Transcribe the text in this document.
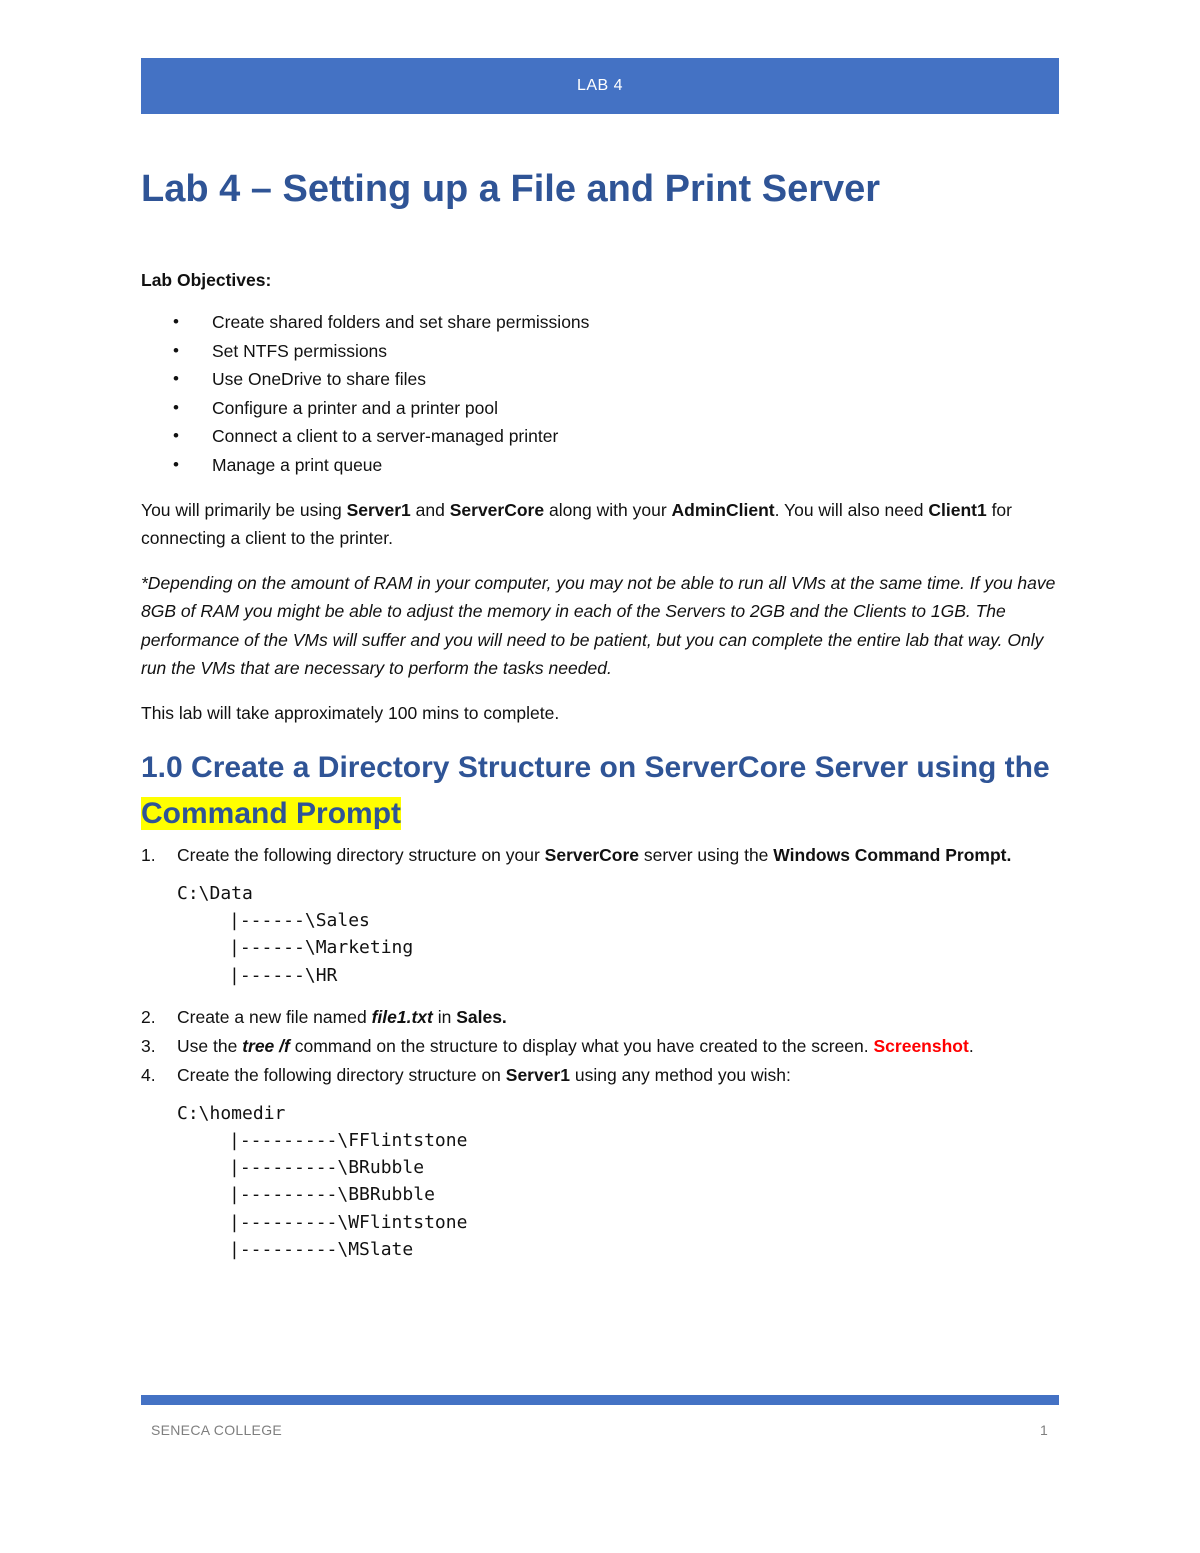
LAB 4
Lab 4 – Setting up a File and Print Server

Lab Objectives:

• Create shared folders and set share permissions
• Set NTFS permissions
• Use OneDrive to share files
• Configure a printer and a printer pool
• Connect a client to a server-managed printer
• Manage a print queue

You will primarily be using Server1 and ServerCore along with your AdminClient. You will also need Client1 for connecting a client to the printer.

*Depending on the amount of RAM in your computer, you may not be able to run all VMs at the same time. If you have 8GB of RAM you might be able to adjust the memory in each of the Servers to 2GB and the Clients to 1GB. The performance of the VMs will suffer and you will need to be patient, but you can complete the entire lab that way. Only run the VMs that are necessary to perform the tasks needed.

This lab will take approximately 100 mins to complete.

1.0 Create a Directory Structure on ServerCore Server using the Command Prompt
1. Create the following directory structure on your ServerCore server using the Windows Command Prompt.
C:\Data
|------\Sales
|------\Marketing
|------\HR
2. Create a new file named file1.txt in Sales.
3. Use the tree /f command on the structure to display what you have created to the screen. Screenshot.
4. Create the following directory structure on Server1 using any method you wish:
C:\homedir
|---------\FFlintstone
|---------\BRubble
|---------\BBRubble
|---------\WFlintstone
|---------\MSlate
SENECA COLLEGE	1
